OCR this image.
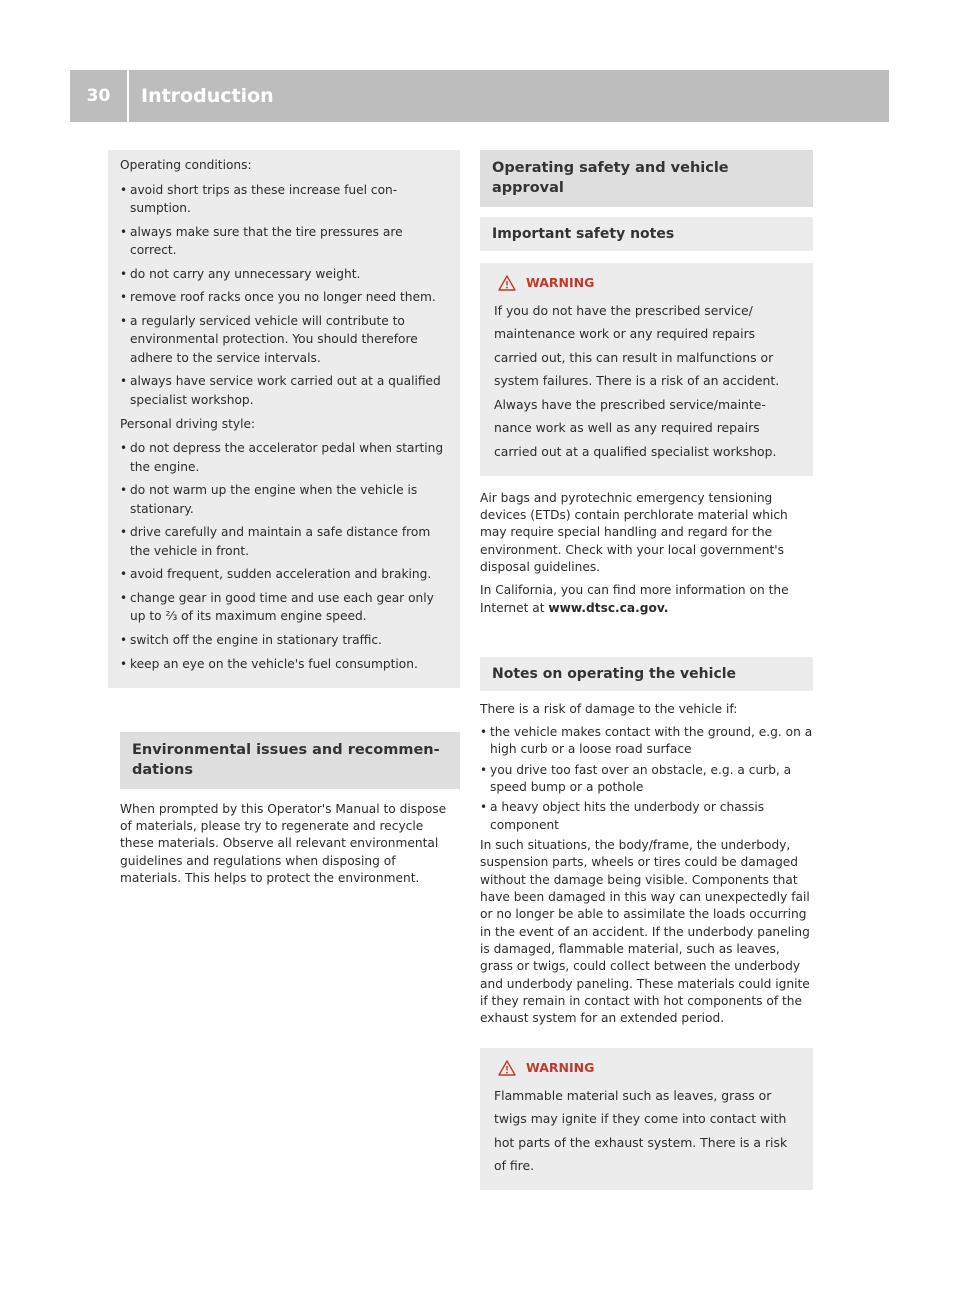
30	Introduction

Operating conditions:

• avoid short trips as these increase fuel consumption.
• always make sure that the tire pressures are correct.
• do not carry any unnecessary weight.
• remove roof racks once you no longer need them.
• a regularly serviced vehicle will contribute to environmental protection. You should therefore adhere to the service intervals.
• always have service work carried out at a qualified specialist workshop.

Personal driving style:

• do not depress the accelerator pedal when starting the engine.
• do not warm up the engine when the vehicle is stationary.
• drive carefully and maintain a safe distance from the vehicle in front.
• avoid frequent, sudden acceleration and braking.
• change gear in good time and use each gear only up to ⅔ of its maximum engine speed.
• switch off the engine in stationary traffic.
• keep an eye on the vehicle's fuel consumption.
Environmental issues and recommendations

When prompted by this Operator's Manual to dispose of materials, please try to regenerate and recycle these materials. Observe all relevant environmental guidelines and regulations when disposing of materials. This helps to protect the environment.

Operating safety and vehicle approval
Important safety notes
WARNING

If you do not have the prescribed service/ maintenance work or any required repairs carried out, this can result in malfunctions or system failures. There is a risk of an accident.

Always have the prescribed service/maintenance work as well as any required repairs carried out at a qualified specialist workshop.

Air bags and pyrotechnic emergency tensioning devices (ETDs) contain perchlorate material which may require special handling and regard for the environment. Check with your local government's disposal guidelines.

In California, you can find more information on the Internet at www.dtsc.ca.gov.

Notes on operating the vehicle

There is a risk of damage to the vehicle if:

• the vehicle makes contact with the ground, e.g. on a high curb or a loose road surface
• you drive too fast over an obstacle, e.g. a curb, a speed bump or a pothole
• a heavy object hits the underbody or chassis component

In such situations, the body/frame, the underbody, suspension parts, wheels or tires could be damaged without the damage being visible. Components that have been damaged in this way can unexpectedly fail or no longer be able to assimilate the loads occurring in the event of an accident. If the underbody paneling is damaged, flammable material, such as leaves, grass or twigs, could collect between the underbody and underbody paneling. These materials could ignite if they remain in contact with hot components of the exhaust system for an extended period.

WARNING

Flammable material such as leaves, grass or twigs may ignite if they come into contact with hot parts of the exhaust system. There is a risk of fire.
